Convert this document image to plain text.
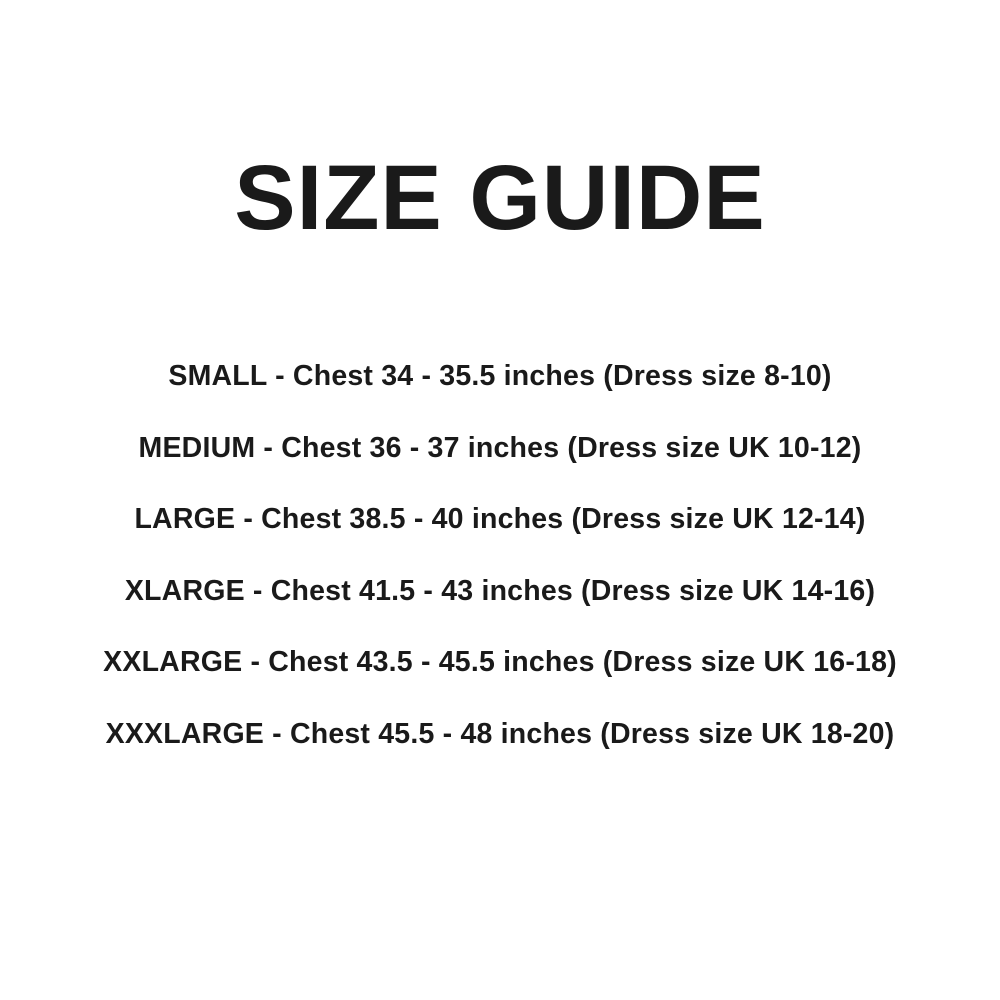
SIZE GUIDE

SMALL - Chest 34 - 35.5 inches (Dress size 8-10)

MEDIUM - Chest 36 - 37 inches (Dress size UK 10-12)

LARGE - Chest 38.5 - 40 inches (Dress size UK 12-14)

XLARGE - Chest 41.5 - 43 inches (Dress size UK 14-16)

XXLARGE - Chest 43.5 - 45.5 inches (Dress size UK 16-18)

XXXLARGE - Chest 45.5 - 48 inches (Dress size UK 18-20)
